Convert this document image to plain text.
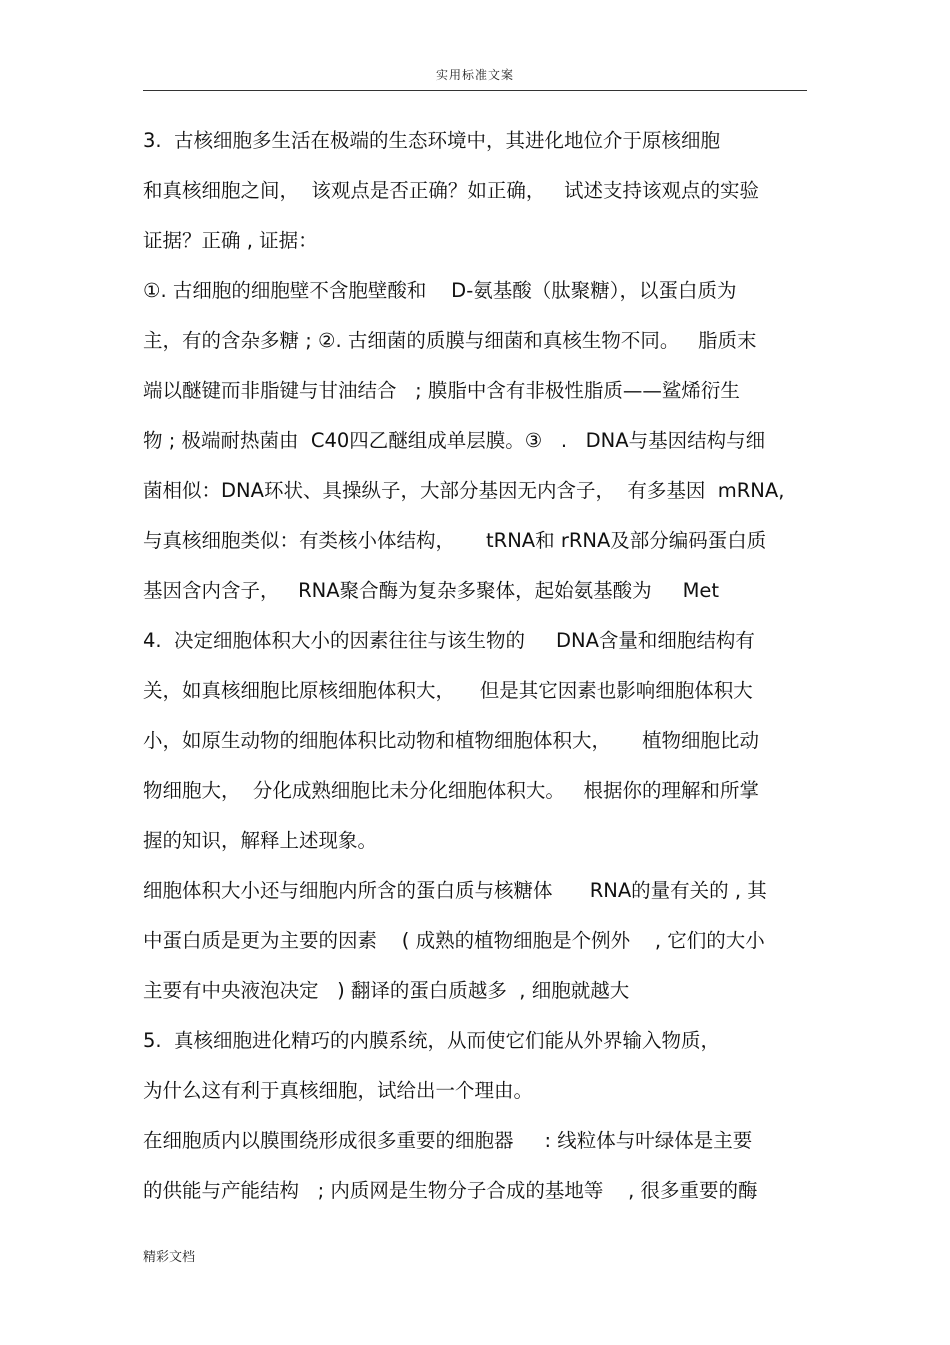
实用标准文案
3.  古核细胞多生活在极端的生态环境中，其进化地位介于原核细胞
和真核细胞之间，  该观点是否正确？如正确，   试述支持该观点的实验
证据？正确 , 证据：
①. 古细胞的细胞壁不含胞壁酸和    D-氨基酸（肽聚糖），以蛋白质为
主，有的含杂多糖 ; ②. 古细菌的质膜与细菌和真核生物不同。   脂质末
端以醚键而非脂键与甘油结合   ; 膜脂中含有非极性脂质——鲨烯衍生
物 ; 极端耐热菌由  C40四乙醚组成单层膜。③   .   DNA与基因结构与细
菌相似：DNA环状、具操纵子，大部分基因无内含子，  有多基因  mRNA,
与真核细胞类似：有类核小体结构，     tRNA和 rRNA及部分编码蛋白质
基因含内含子，   RNA聚合酶为复杂多聚体，起始氨基酸为     Met
4.  决定细胞体积大小的因素往往与该生物的     DNA含量和细胞结构有
关，如真核细胞比原核细胞体积大，    但是其它因素也影响细胞体积大
小，如原生动物的细胞体积比动物和植物细胞体积大，     植物细胞比动
物细胞大，  分化成熟细胞比未分化细胞体积大。   根据你的理解和所掌
握的知识，解释上述现象。
细胞体积大小还与细胞内所含的蛋白质与核糖体      RNA的量有关的 , 其
中蛋白质是更为主要的因素    ( 成熟的植物细胞是个例外    , 它们的大小
主要有中央液泡决定   ) 翻译的蛋白质越多  , 细胞就越大
5.  真核细胞进化精巧的内膜系统，从而使它们能从外界输入物质，
为什么这有利于真核细胞，试给出一个理由。
在细胞质内以膜围绕形成很多重要的细胞器     : 线粒体与叶绿体是主要
的供能与产能结构   ; 内质网是生物分子合成的基地等    , 很多重要的酶
精彩文档
